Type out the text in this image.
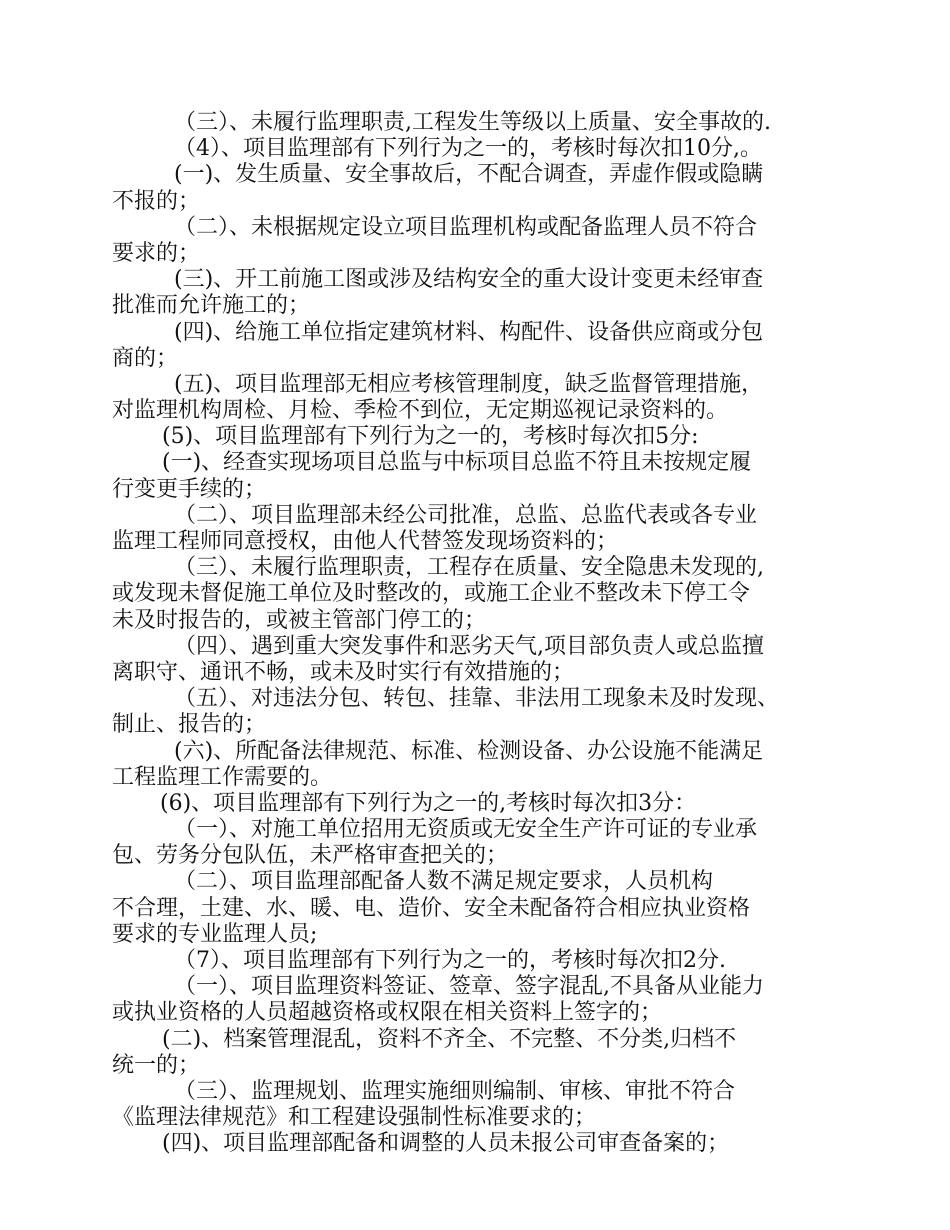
（三）、未履行监理职责,工程发生等级以上质量、安全事故的.
（4）、项目监理部有下列行为之一的，考核时每次扣10分,。
(一)、发生质量、安全事故后，不配合调查，弄虚作假或隐瞒
不报的；
（二）、未根据规定设立项目监理机构或配备监理人员不符合
要求的；
(三)、开工前施工图或涉及结构安全的重大设计变更未经审查
批准而允许施工的；
(四)、给施工单位指定建筑材料、构配件、设备供应商或分包
商的；
(五)、项目监理部无相应考核管理制度，缺乏监督管理措施，
对监理机构周检、月检、季检不到位，无定期巡视记录资料的。
(5)、项目监理部有下列行为之一的，考核时每次扣5分:
(一)、经查实现场项目总监与中标项目总监不符且未按规定履
行变更手续的；
（二）、项目监理部未经公司批准，总监、总监代表或各专业
监理工程师同意授权，由他人代替签发现场资料的；
（三）、未履行监理职责，工程存在质量、安全隐患未发现的,
或发现未督促施工单位及时整改的，或施工企业不整改未下停工令
未及时报告的，或被主管部门停工的；
（四）、遇到重大突发事件和恶劣天气,项目部负责人或总监擅
离职守、通讯不畅，或未及时实行有效措施的；
（五）、对违法分包、转包、挂靠、非法用工现象未及时发现、
制止、报告的；
(六)、所配备法律规范、标准、检测设备、办公设施不能满足
工程监理工作需要的。
(6)、项目监理部有下列行为之一的,考核时每次扣3分：
（一）、对施工单位招用无资质或无安全生产许可证的专业承
包、劳务分包队伍，未严格审查把关的；
（二）、项目监理部配备人数不满足规定要求，人员机构
不合理，土建、水、暖、电、造价、安全未配备符合相应执业资格
要求的专业监理人员;
（7）、项目监理部有下列行为之一的，考核时每次扣2分.
（一）、项目监理资料签证、签章、签字混乱,不具备从业能力
或执业资格的人员超越资格或权限在相关资料上签字的；
(二)、档案管理混乱，资料不齐全、不完整、不分类,归档不
统一的；
（三）、监理规划、监理实施细则编制、审核、审批不符合
《监理法律规范》和工程建设强制性标准要求的；
(四)、项目监理部配备和调整的人员未报公司审查备案的；
